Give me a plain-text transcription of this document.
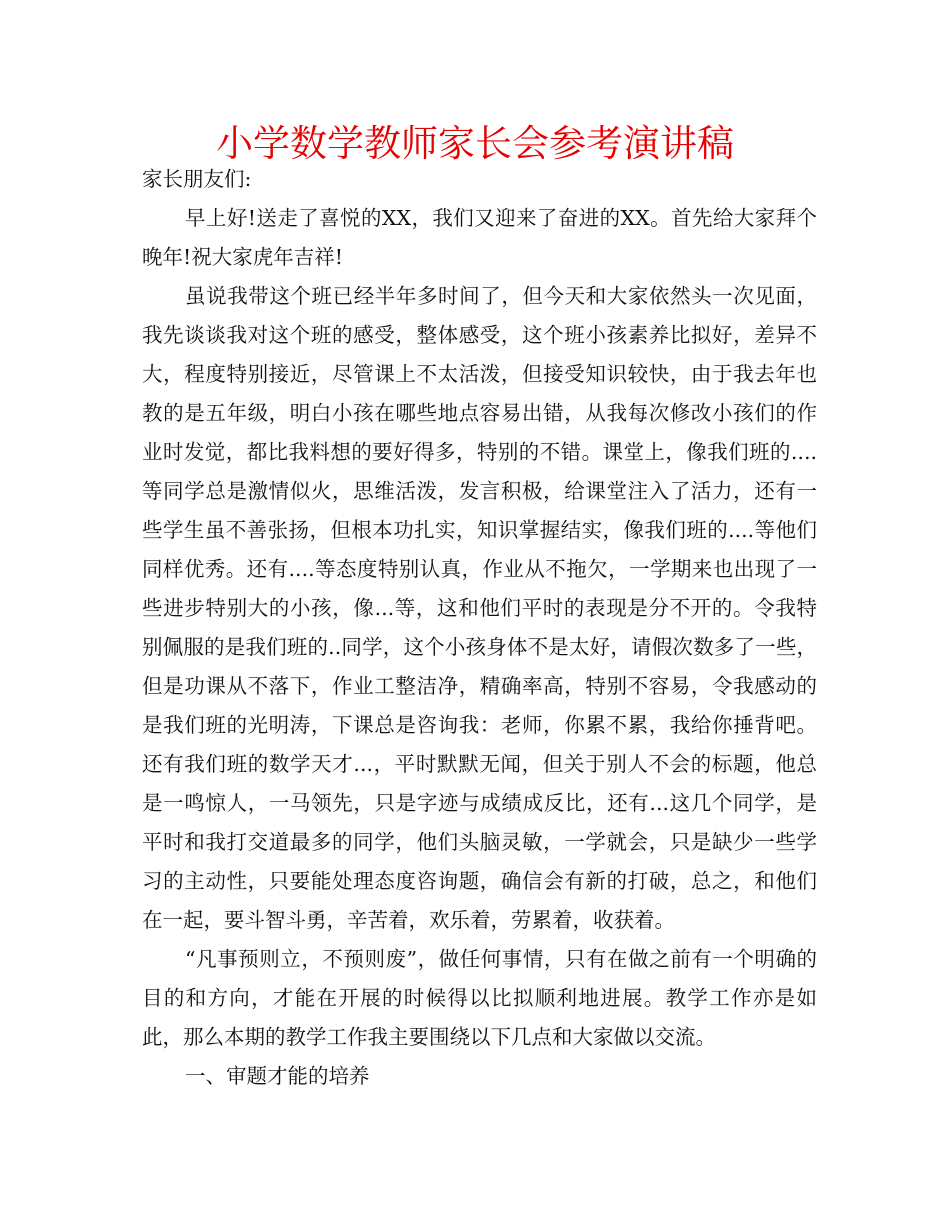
小学数学教师家长会参考演讲稿

家长朋友们:

早上好!送走了喜悦的XX，我们又迎来了奋进的XX。首先给大家拜个晚年!祝大家虎年吉祥!

虽说我带这个班已经半年多时间了，但今天和大家依然头一次见面，我先谈谈我对这个班的感受，整体感受，这个班小孩素养比拟好，差异不大，程度特别接近，尽管课上不太活泼，但接受知识较快，由于我去年也教的是五年级，明白小孩在哪些地点容易出错，从我每次修改小孩们的作业时发觉，都比我料想的要好得多，特别的不错。课堂上，像我们班的....等同学总是激情似火，思维活泼，发言积极，给课堂注入了活力，还有一些学生虽不善张扬，但根本功扎实，知识掌握结实，像我们班的....等他们同样优秀。还有....等态度特别认真，作业从不拖欠，一学期来也出现了一些进步特别大的小孩，像...等，这和他们平时的表现是分不开的。令我特别佩服的是我们班的..同学，这个小孩身体不是太好，请假次数多了一些，但是功课从不落下，作业工整洁净，精确率高，特别不容易，令我感动的是我们班的光明涛，下课总是咨询我：老师，你累不累，我给你捶背吧。还有我们班的数学天才...，平时默默无闻，但关于别人不会的标题，他总是一鸣惊人，一马领先，只是字迹与成绩成反比，还有...这几个同学，是平时和我打交道最多的同学，他们头脑灵敏，一学就会，只是缺少一些学习的主动性，只要能处理态度咨询题，确信会有新的打破，总之，和他们在一起，要斗智斗勇，辛苦着，欢乐着，劳累着，收获着。

“凡事预则立，不预则废”，做任何事情，只有在做之前有一个明确的目的和方向，才能在开展的时候得以比拟顺利地进展。教学工作亦是如此，那么本期的教学工作我主要围绕以下几点和大家做以交流。

一、审题才能的培养
